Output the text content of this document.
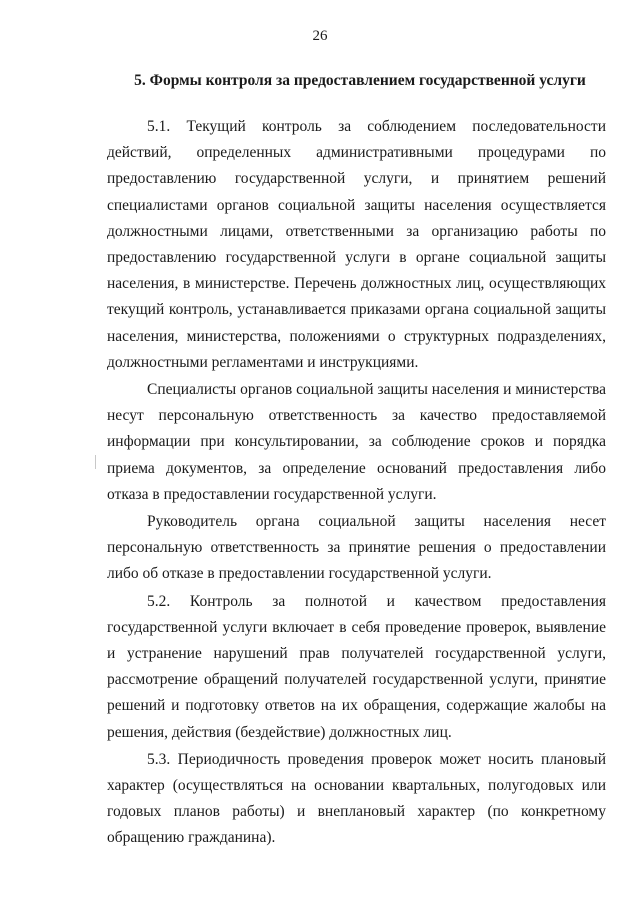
26
5. Формы контроля за предоставлением государственной услуги

5.1. Текущий контроль за соблюдением последовательности действий, определенных административными процедурами по предоставлению государственной услуги, и принятием решений специалистами органов социальной защиты населения осуществляется должностными лицами, ответственными за организацию работы по предоставлению государственной услуги в органе социальной защиты населения, в министерстве. Перечень должностных лиц, осуществляющих текущий контроль, устанавливается приказами органа социальной защиты населения, министерства, положениями о структурных подразделениях, должностными регламентами и инструкциями.

Специалисты органов социальной защиты населения и министерства несут персональную ответственность за качество предоставляемой информации при консультировании, за соблюдение сроков и порядка приема документов, за определение оснований предоставления либо отказа в предоставлении государственной услуги.

Руководитель органа социальной защиты населения несет персональную ответственность за принятие решения о предоставлении либо об отказе в предоставлении государственной услуги.

5.2. Контроль за полнотой и качеством предоставления государственной услуги включает в себя проведение проверок, выявление и устранение нарушений прав получателей государственной услуги, рассмотрение обращений получателей государственной услуги, принятие решений и подготовку ответов на их обращения, содержащие жалобы на решения, действия (бездействие) должностных лиц.

5.3. Периодичность проведения проверок может носить плановый характер (осуществляться на основании квартальных, полугодовых или годовых планов работы) и внеплановый характер (по конкретному обращению гражданина).
